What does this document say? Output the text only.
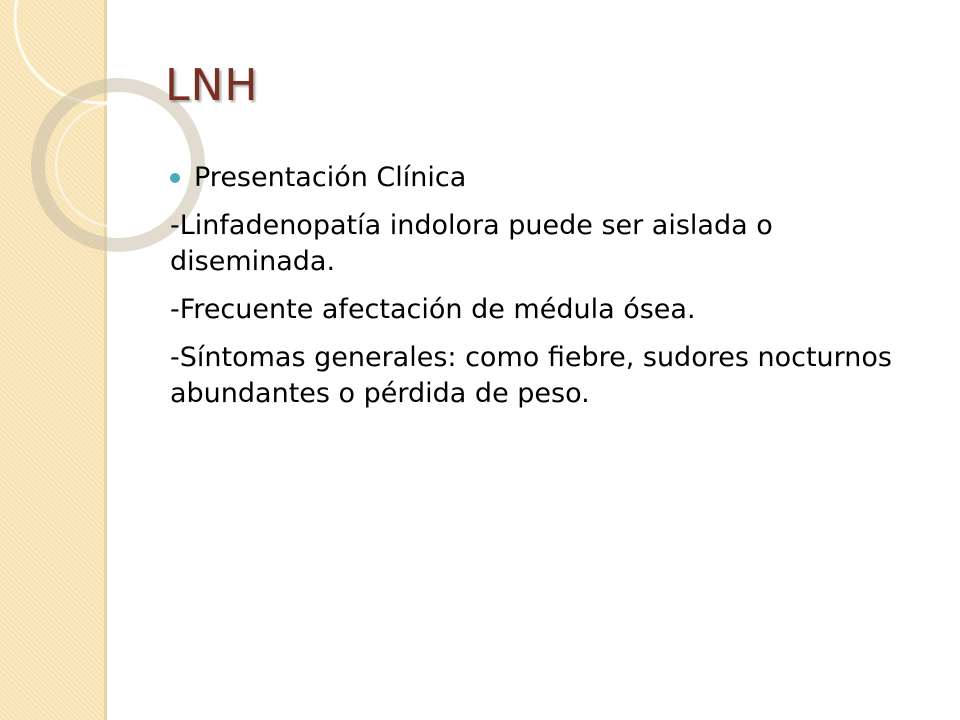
LNH
Presentación Clínica

-Linfadenopatía indolora puede ser aislada o diseminada.

-Frecuente afectación de médula ósea.

-Síntomas generales: como fiebre, sudores nocturnos abundantes o pérdida de peso.
